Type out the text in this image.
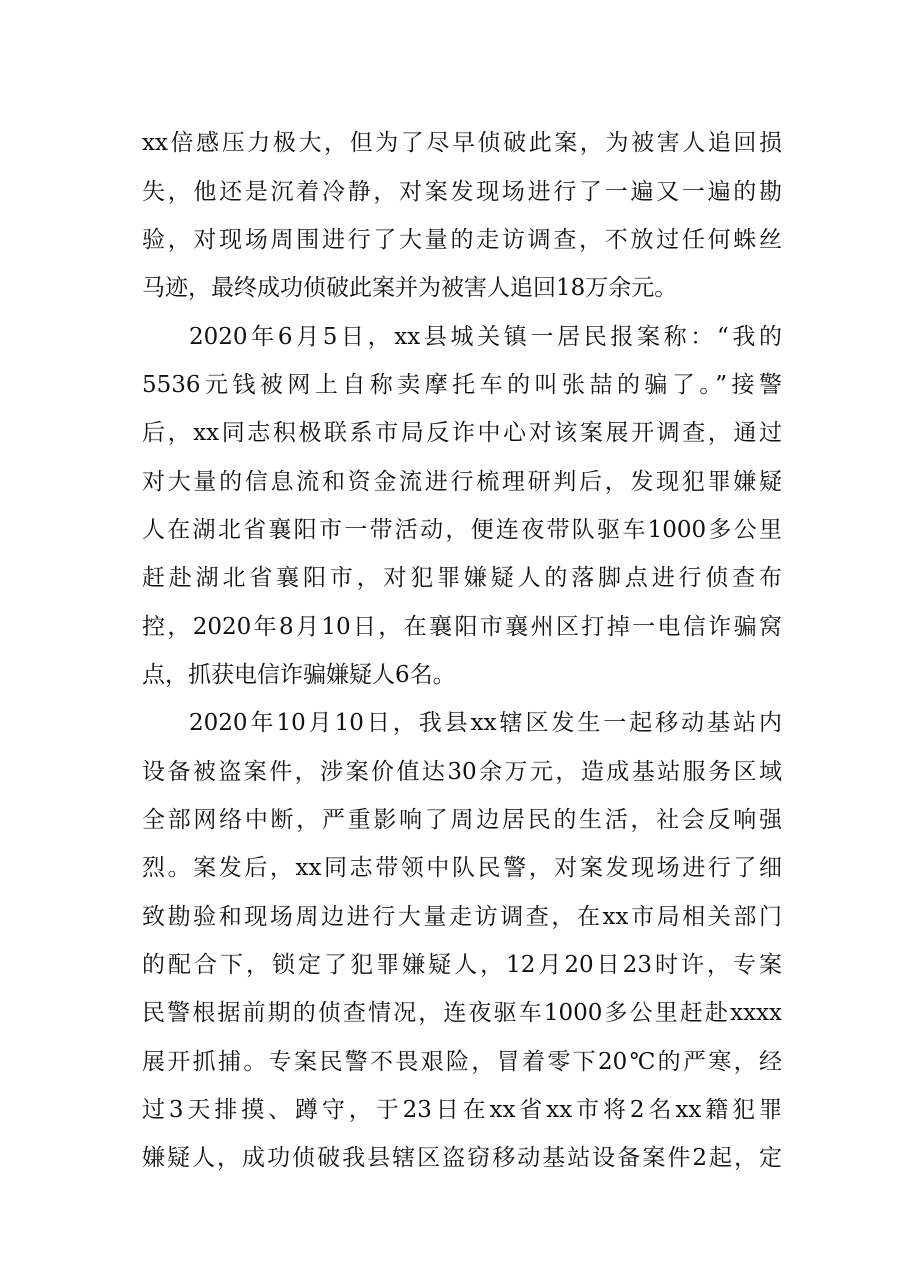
xx倍感压力极大，但为了尽早侦破此案，为被害人追回损
失，他还是沉着冷静，对案发现场进行了一遍又一遍的勘
验，对现场周围进行了大量的走访调查，不放过任何蛛丝
马迹，最终成功侦破此案并为被害人追回18万余元。
2020年6月5日，xx县城关镇一居民报案称：“我的
5536元钱被网上自称卖摩托车的叫张喆的骗了。”接警
后，xx同志积极联系市局反诈中心对该案展开调查，通过
对大量的信息流和资金流进行梳理研判后，发现犯罪嫌疑
人在湖北省襄阳市一带活动，便连夜带队驱车1000多公里
赶赴湖北省襄阳市，对犯罪嫌疑人的落脚点进行侦查布
控，2020年8月10日，在襄阳市襄州区打掉一电信诈骗窝
点，抓获电信诈骗嫌疑人6名。
2020年10月10日，我县xx辖区发生一起移动基站内
设备被盗案件，涉案价值达30余万元，造成基站服务区域
全部网络中断，严重影响了周边居民的生活，社会反响强
烈。案发后，xx同志带领中队民警，对案发现场进行了细
致勘验和现场周边进行大量走访调查，在xx市局相关部门
的配合下，锁定了犯罪嫌疑人，12月20日23时许，专案
民警根据前期的侦查情况，连夜驱车1000多公里赶赴xxxx
展开抓捕。专案民警不畏艰险，冒着零下20℃的严寒，经
过3天排摸、蹲守，于23日在xx省xx市将2名xx籍犯罪
嫌疑人，成功侦破我县辖区盗窃移动基站设备案件2起，定
